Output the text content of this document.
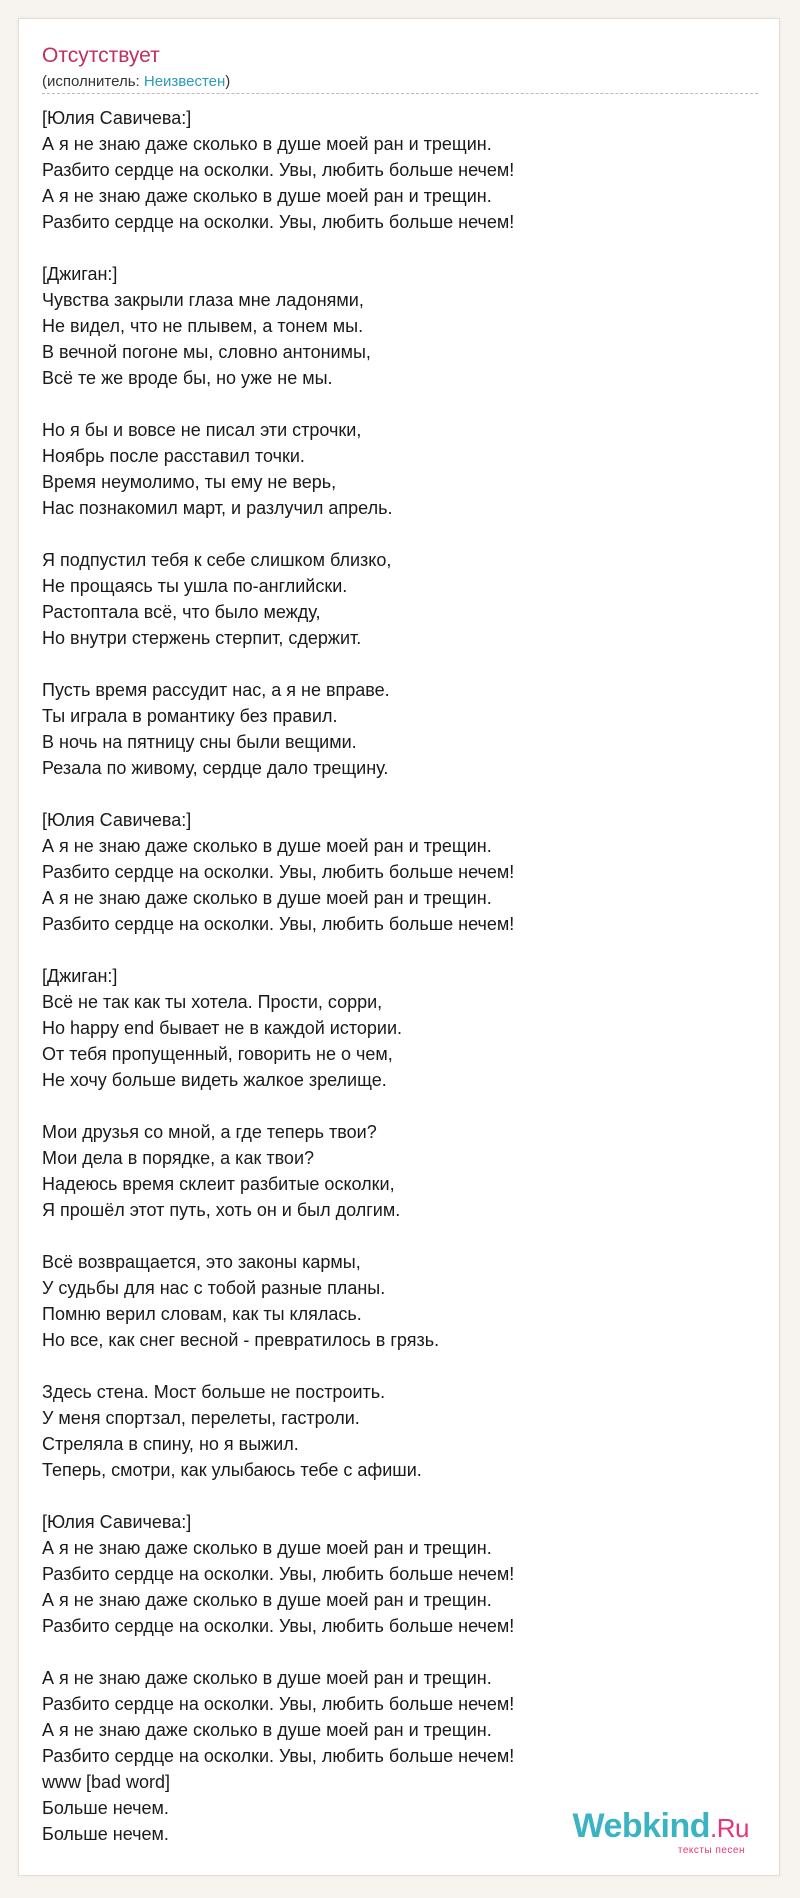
Отсутствует
(исполнитель: Неизвестен)
[Юлия Савичева:]
А я не знаю даже сколько в душе моей ран и трещин.
Разбито сердце на осколки. Увы, любить больше нечем!
А я не знаю даже сколько в душе моей ран и трещин.
Разбито сердце на осколки. Увы, любить больше нечем!
[Джиган:]
Чувства закрыли глаза мне ладонями,
Не видел, что не плывем, а тонем мы.
В вечной погоне мы, словно антонимы,
Всё те же вроде бы, но уже не мы.
Но я бы и вовсе не писал эти строчки,
Ноябрь после расставил точки.
Время неумолимо, ты ему не верь,
Нас познакомил март, и разлучил апрель.
Я подпустил тебя к себе слишком близко,
Не прощаясь ты ушла по-английски.
Растоптала всё, что было между,
Но внутри стержень стерпит, сдержит.
Пусть время рассудит нас, а я не вправе.
Ты играла в романтику без правил.
В ночь на пятницу сны были вещими.
Резала по живому, сердце дало трещину.
[Юлия Савичева:]
А я не знаю даже сколько в душе моей ран и трещин.
Разбито сердце на осколки. Увы, любить больше нечем!
А я не знаю даже сколько в душе моей ран и трещин.
Разбито сердце на осколки. Увы, любить больше нечем!
[Джиган:]
Всё не так как ты хотела. Прости, сорри,
Но happy end бывает не в каждой истории.
От тебя пропущенный, говорить не о чем,
Не хочу больше видеть жалкое зрелище.
Мои друзья со мной, а где теперь твои?
Мои дела в порядке, а как твои?
Надеюсь время склеит разбитые осколки,
Я прошёл этот путь, хоть он и был долгим.
Всё возвращается, это законы кармы,
У судьбы для нас с тобой разные планы.
Помню верил словам, как ты клялась.
Но все, как снег весной - превратилось в грязь.
Здесь стена. Мост больше не построить.
У меня спортзал, перелеты, гастроли.
Стреляла в спину, но я выжил.
Теперь, смотри, как улыбаюсь тебе с афиши.
[Юлия Савичева:]
А я не знаю даже сколько в душе моей ран и трещин.
Разбито сердце на осколки. Увы, любить больше нечем!
А я не знаю даже сколько в душе моей ран и трещин.
Разбито сердце на осколки. Увы, любить больше нечем!
А я не знаю даже сколько в душе моей ран и трещин.
Разбито сердце на осколки. Увы, любить больше нечем!
А я не знаю даже сколько в душе моей ран и трещин.
Разбито сердце на осколки. Увы, любить больше нечем!
www [bad word]
Больше нечем.
Больше нечем.	Webkind.Ru
тексты песен
